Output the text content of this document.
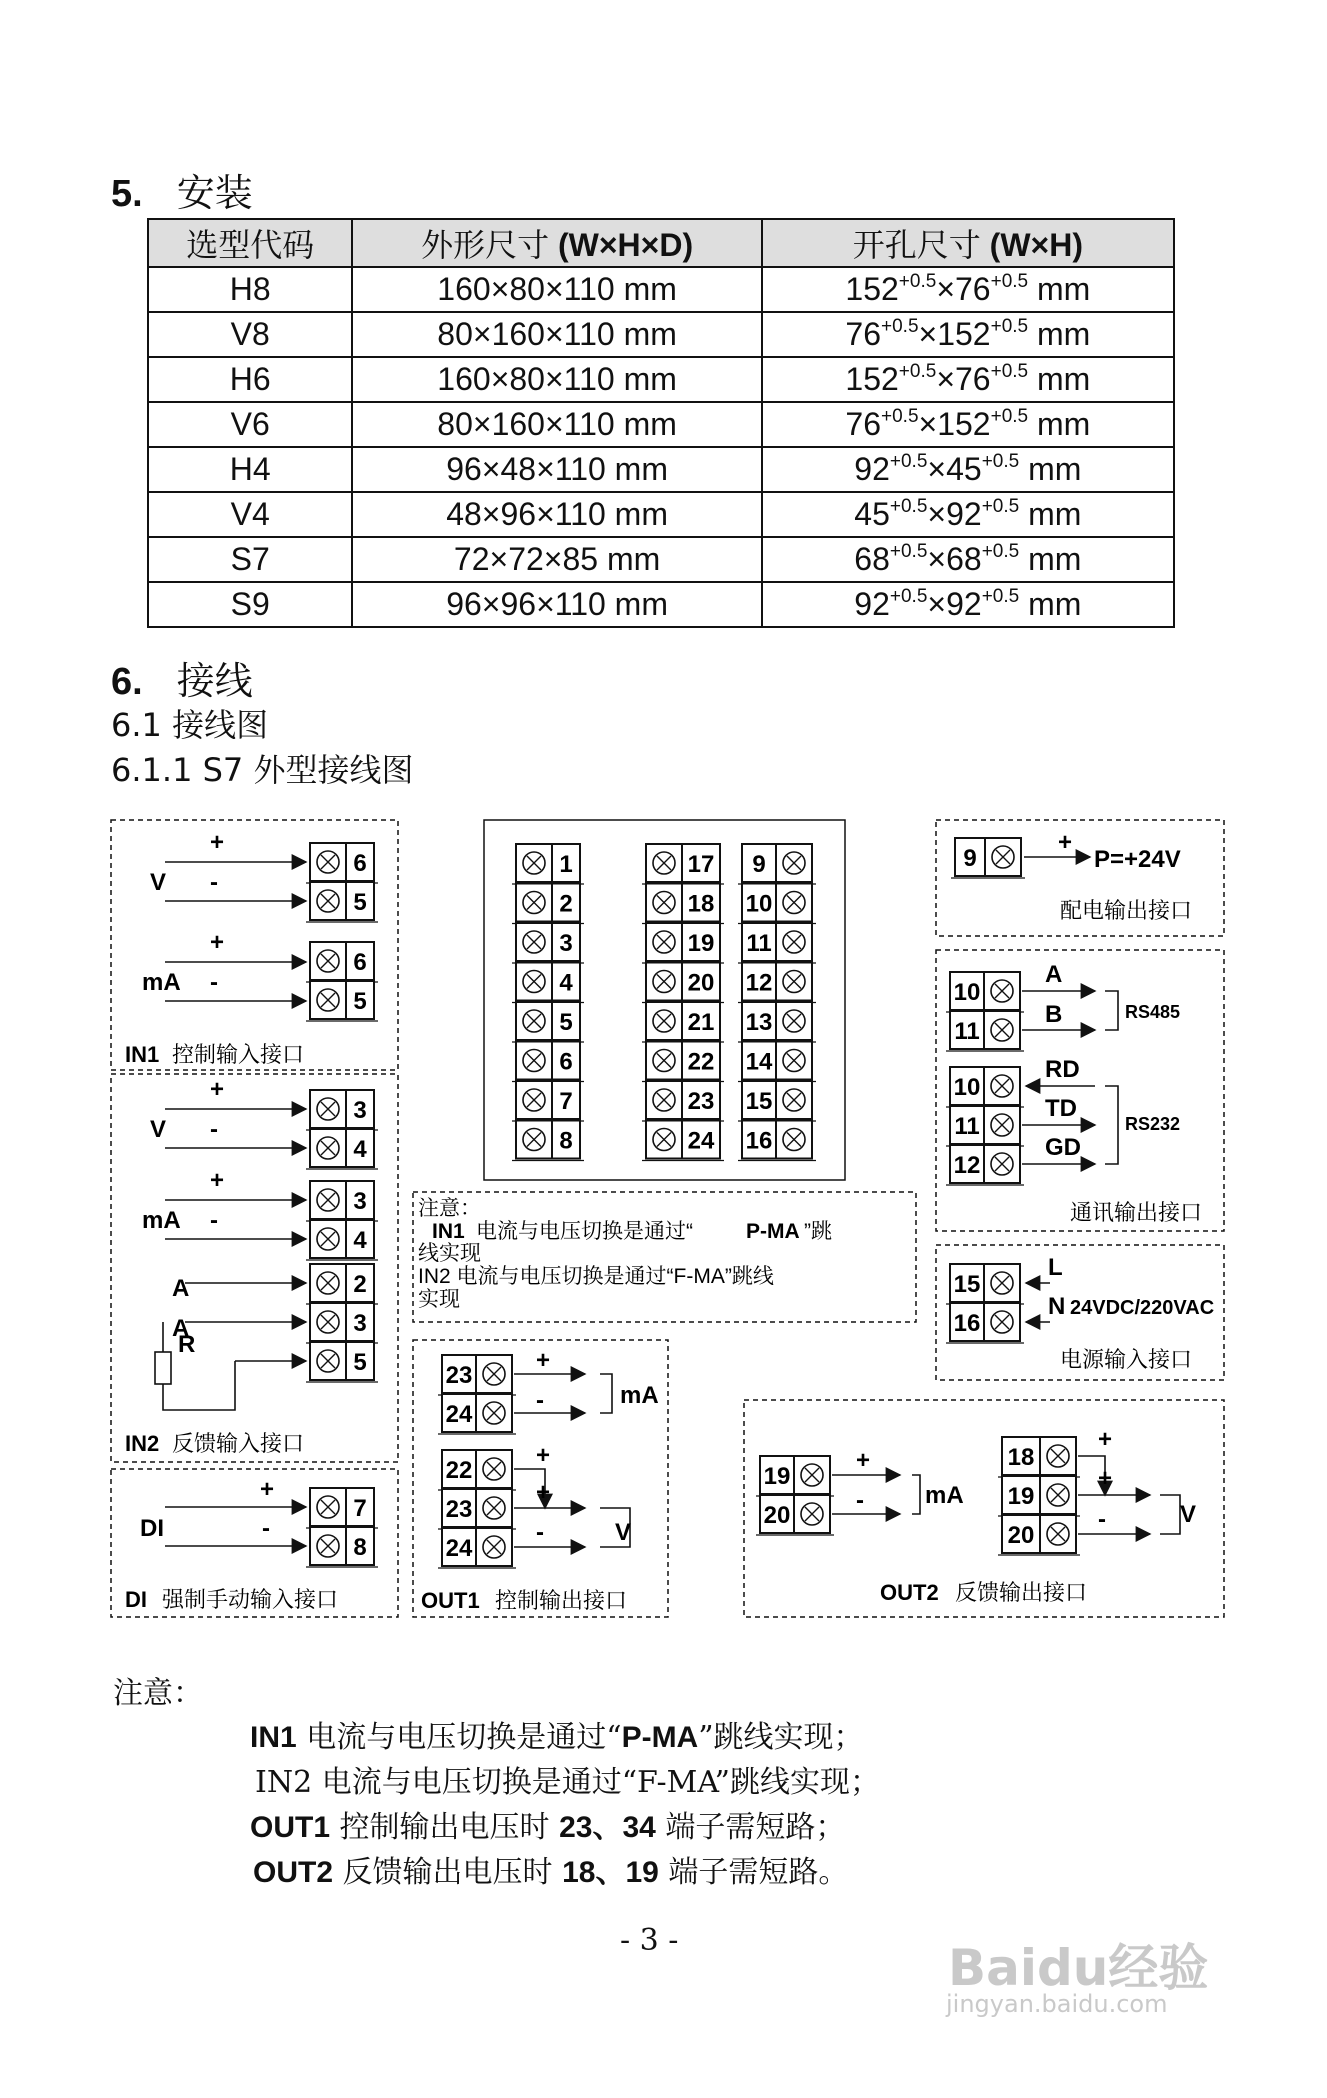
5. 安装
选型代码	外形尺寸 (W×H×D)	开孔尺寸 (W×H)
H8	160×80×110 mm	$152^{+0.5}\times 76^{+0.5}$ mm
V8	80×160×110 mm	$76^{+0.5}\times 152^{+0.5}$ mm
H6	160×80×110 mm	$152^{+0.5}\times 76^{+0.5}$ mm
V6	80×160×110 mm	$76^{+0.5}\times 152^{+0.5}$ mm
H4	96×48×110 mm	$92^{+0.5}\times 45^{+0.5}$ mm
V4	48×96×110 mm	$45^{+0.5}\times 92^{+0.5}$ mm
S7	72×72×85 mm	$68^{+0.5}\times 68^{+0.5}$ mm
S9	96×96×110 mm	$92^{+0.5}\times 92^{+0.5}$ mm
6. 接线

6.1 接线图

6.1.1 S7 外型接线图

6
5
6
5
3
4
3
4
2
3
5
7
8
1	17 9
2	18 10
3	19 11
4	20 12
5	21 13
6	22 14
7	23 15
8	24 16
23
24
22
23
24
9
10
11
10
11
12
15
16
19
20
18
19
20
+
-
V
+
-
mA
IN1 控制输入接口
+
-
V
+
-
mA
A
A
R
IN2 反馈输入接口
+
-
DI
DI 强制手动输入接口
注意：
IN1 电流与电压切换是通过“	P-MA ”跳
线实现
IN2 电流与电压切换是通过“F-MA”跳线
实现
+
-	mA
+
+
-	V
OUT1 控制输出接口
+
P=+24V
配电输出接口
A
B	RS485
RD
TD
GD
RS232
通讯输出接口
L
N 24VDC/220VAC
电源输入接口
+
-	mA
+
+
-	V
OUT2 反馈输出接口
注意：
IN1 电流与电压切换是通过“P-MA”跳线实现；
IN2 电流与电压切换是通过“F-MA”跳线实现；
OUT1 控制输出电压时 23、34 端子需短路；
OUT2 反馈输出电压时 18、19 端子需短路。
- 3 -	Baidu经验
jingyan.baidu.com
